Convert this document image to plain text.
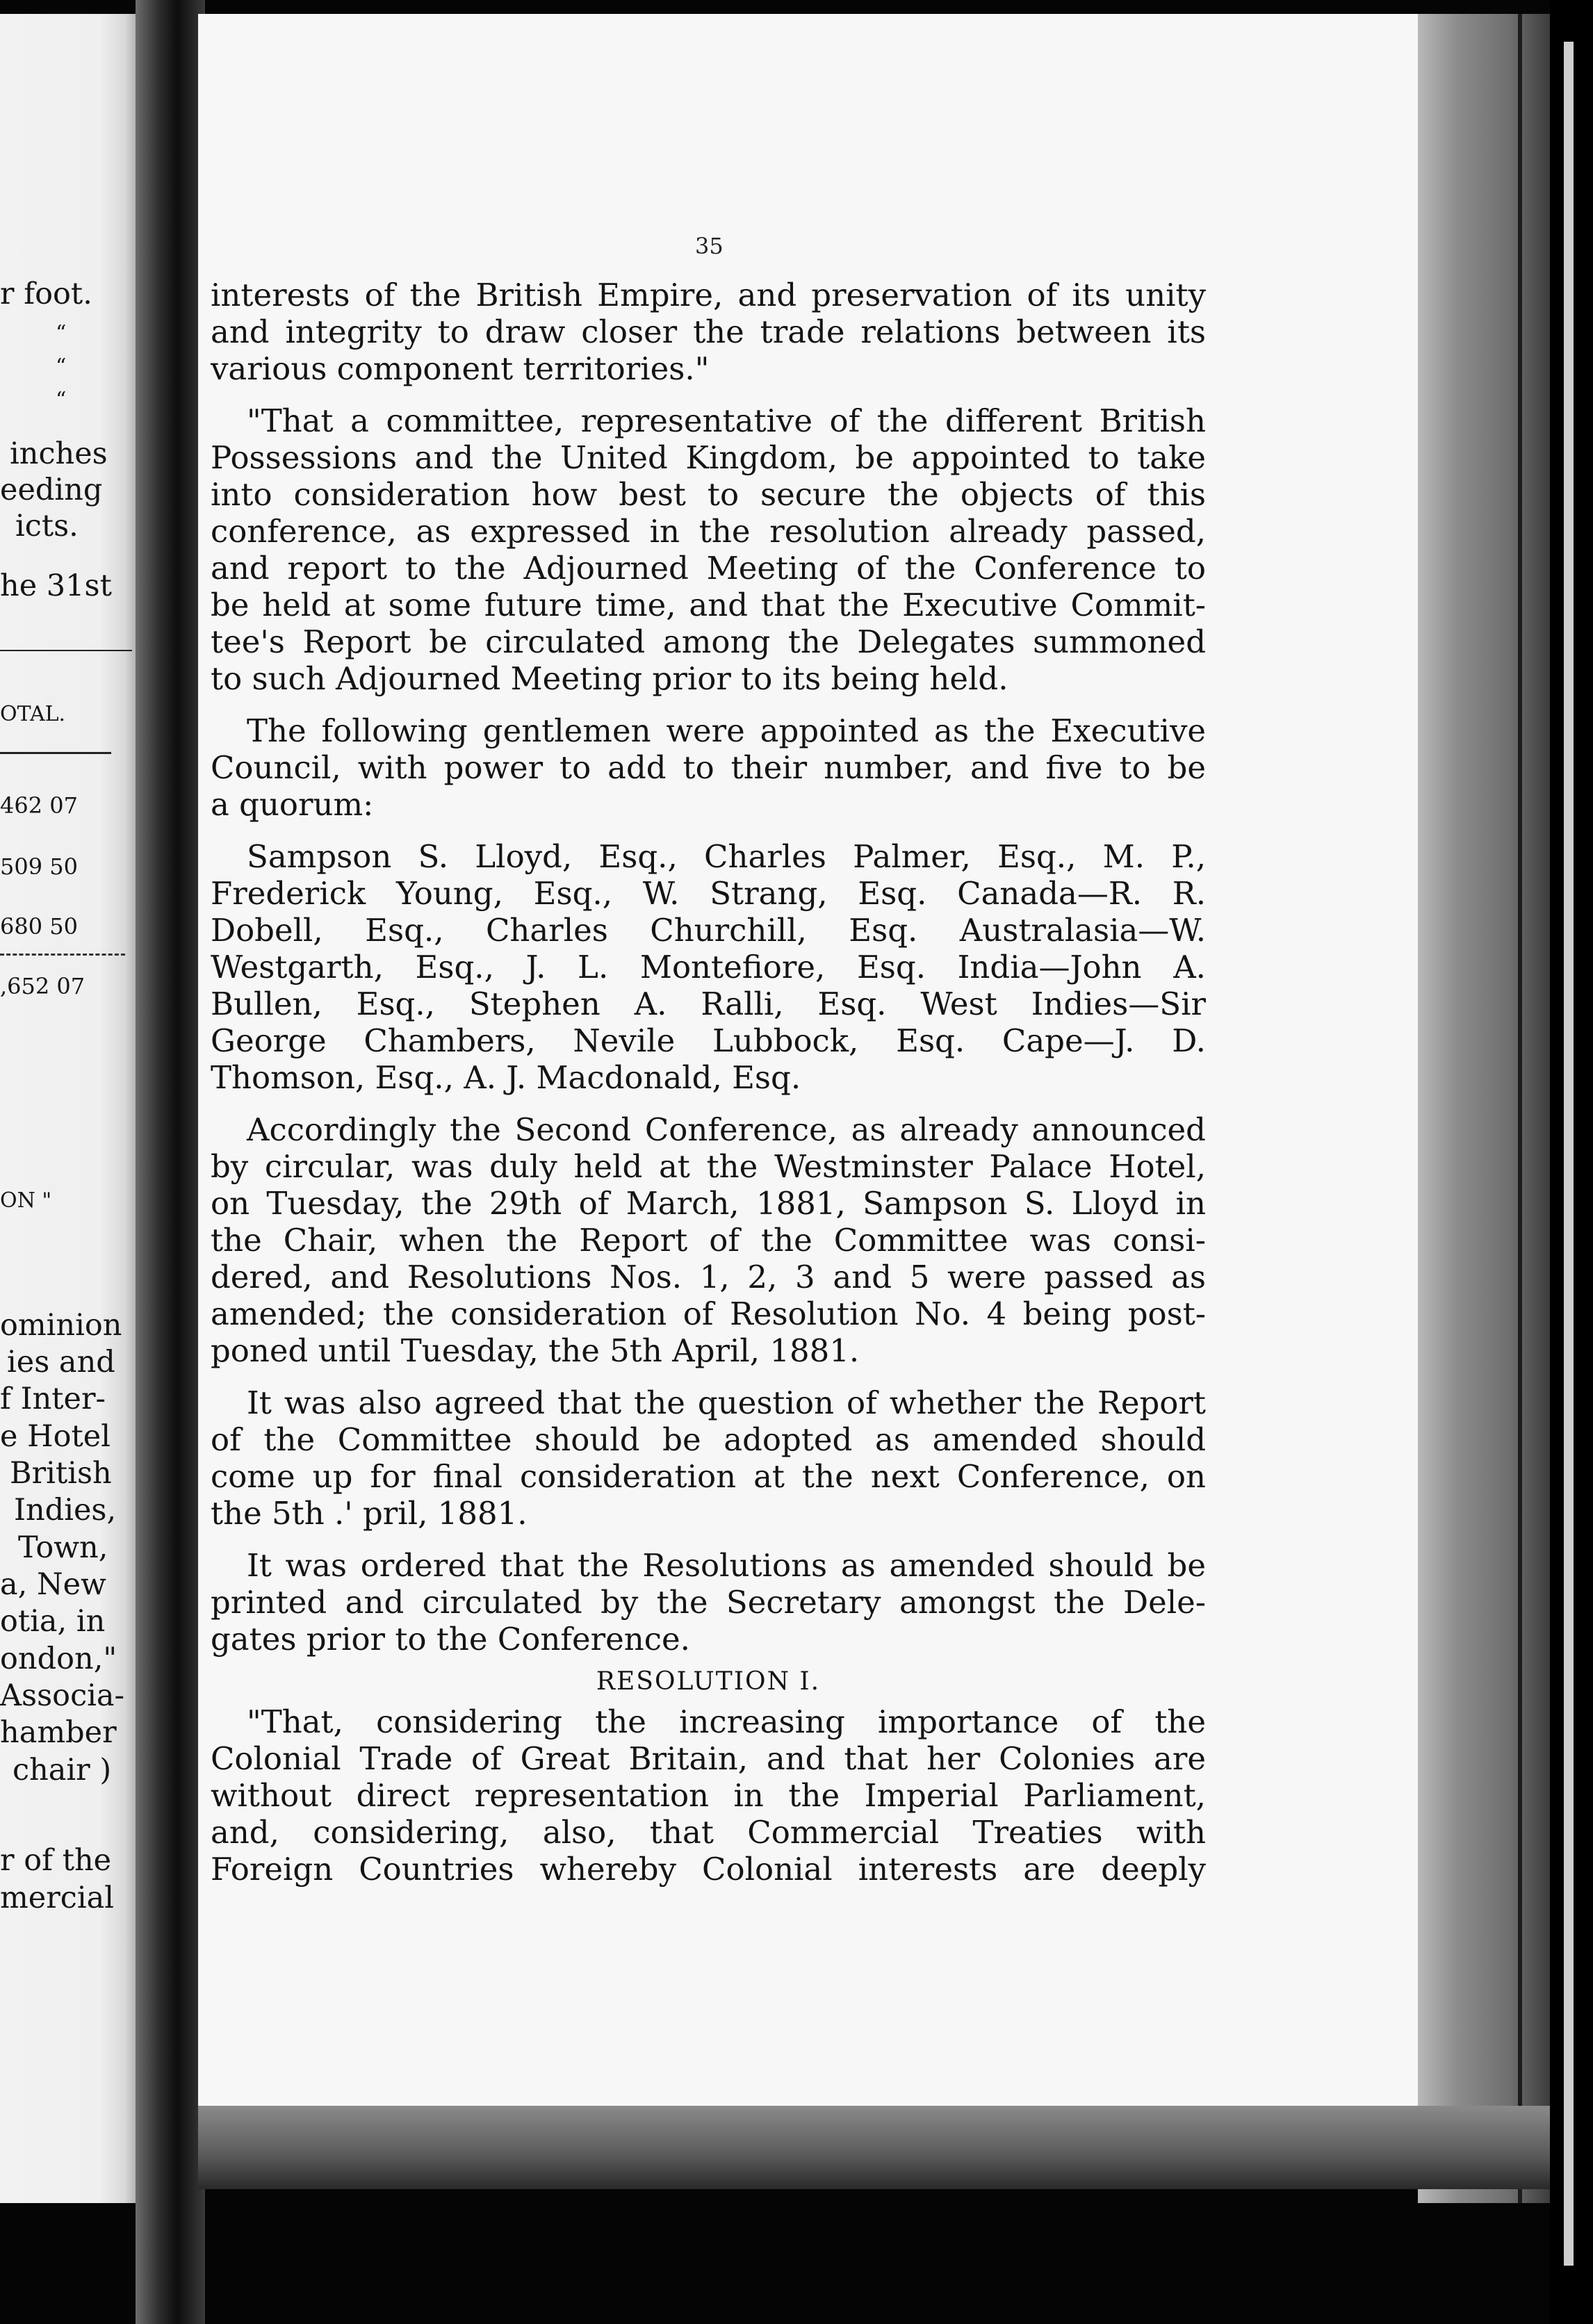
r foot.
“
“
“
inches
eeding
icts.
he 31st
OTAL.
462 07
509 50
680 50
,652 07
ON "
ominion
ies and
f Inter-
e Hotel
British
Indies,
Town,
a, New
otia, in
ondon,"
Associa-
hamber
chair )
r of the
mercial
35
interests of the British Empire, and preservation of its unity
and integrity to draw closer the trade relations between its
various component territories."
"That a committee, representative of the different British
Possessions and the United Kingdom, be appointed to take
into consideration how best to secure the objects of this
conference, as expressed in the resolution already passed,
and report to the Adjourned Meeting of the Conference to
be held at some future time, and that the Executive Commit-
tee's Report be circulated among the Delegates summoned
to such Adjourned Meeting prior to its being held.
The following gentlemen were appointed as the Executive
Council, with power to add to their number, and five to be
a quorum:
Sampson S. Lloyd, Esq., Charles Palmer, Esq., M. P.,
Frederick Young, Esq., W. Strang, Esq. Canada—R. R.
Dobell, Esq., Charles Churchill, Esq. Australasia—W.
Westgarth, Esq., J. L. Montefiore, Esq. India—John A.
Bullen, Esq., Stephen A. Ralli, Esq. West Indies—Sir
George Chambers, Nevile Lubbock, Esq. Cape—J. D.
Thomson, Esq., A. J. Macdonald, Esq.
Accordingly the Second Conference, as already announced
by circular, was duly held at the Westminster Palace Hotel,
on Tuesday, the 29th of March, 1881, Sampson S. Lloyd in
the Chair, when the Report of the Committee was consi-
dered, and Resolutions Nos. 1, 2, 3 and 5 were passed as
amended; the consideration of Resolution No. 4 being post-
poned until Tuesday, the 5th April, 1881.
It was also agreed that the question of whether the Report
of the Committee should be adopted as amended should
come up for final consideration at the next Conference, on
the 5th .' pril, 1881.
It was ordered that the Resolutions as amended should be
printed and circulated by the Secretary amongst the Dele-
gates prior to the Conference.
RESOLUTION I.
"That, considering the increasing importance of the
Colonial Trade of Great Britain, and that her Colonies are
without direct representation in the Imperial Parliament,
and, considering, also, that Commercial Treaties with
Foreign Countries whereby Colonial interests are deeply
